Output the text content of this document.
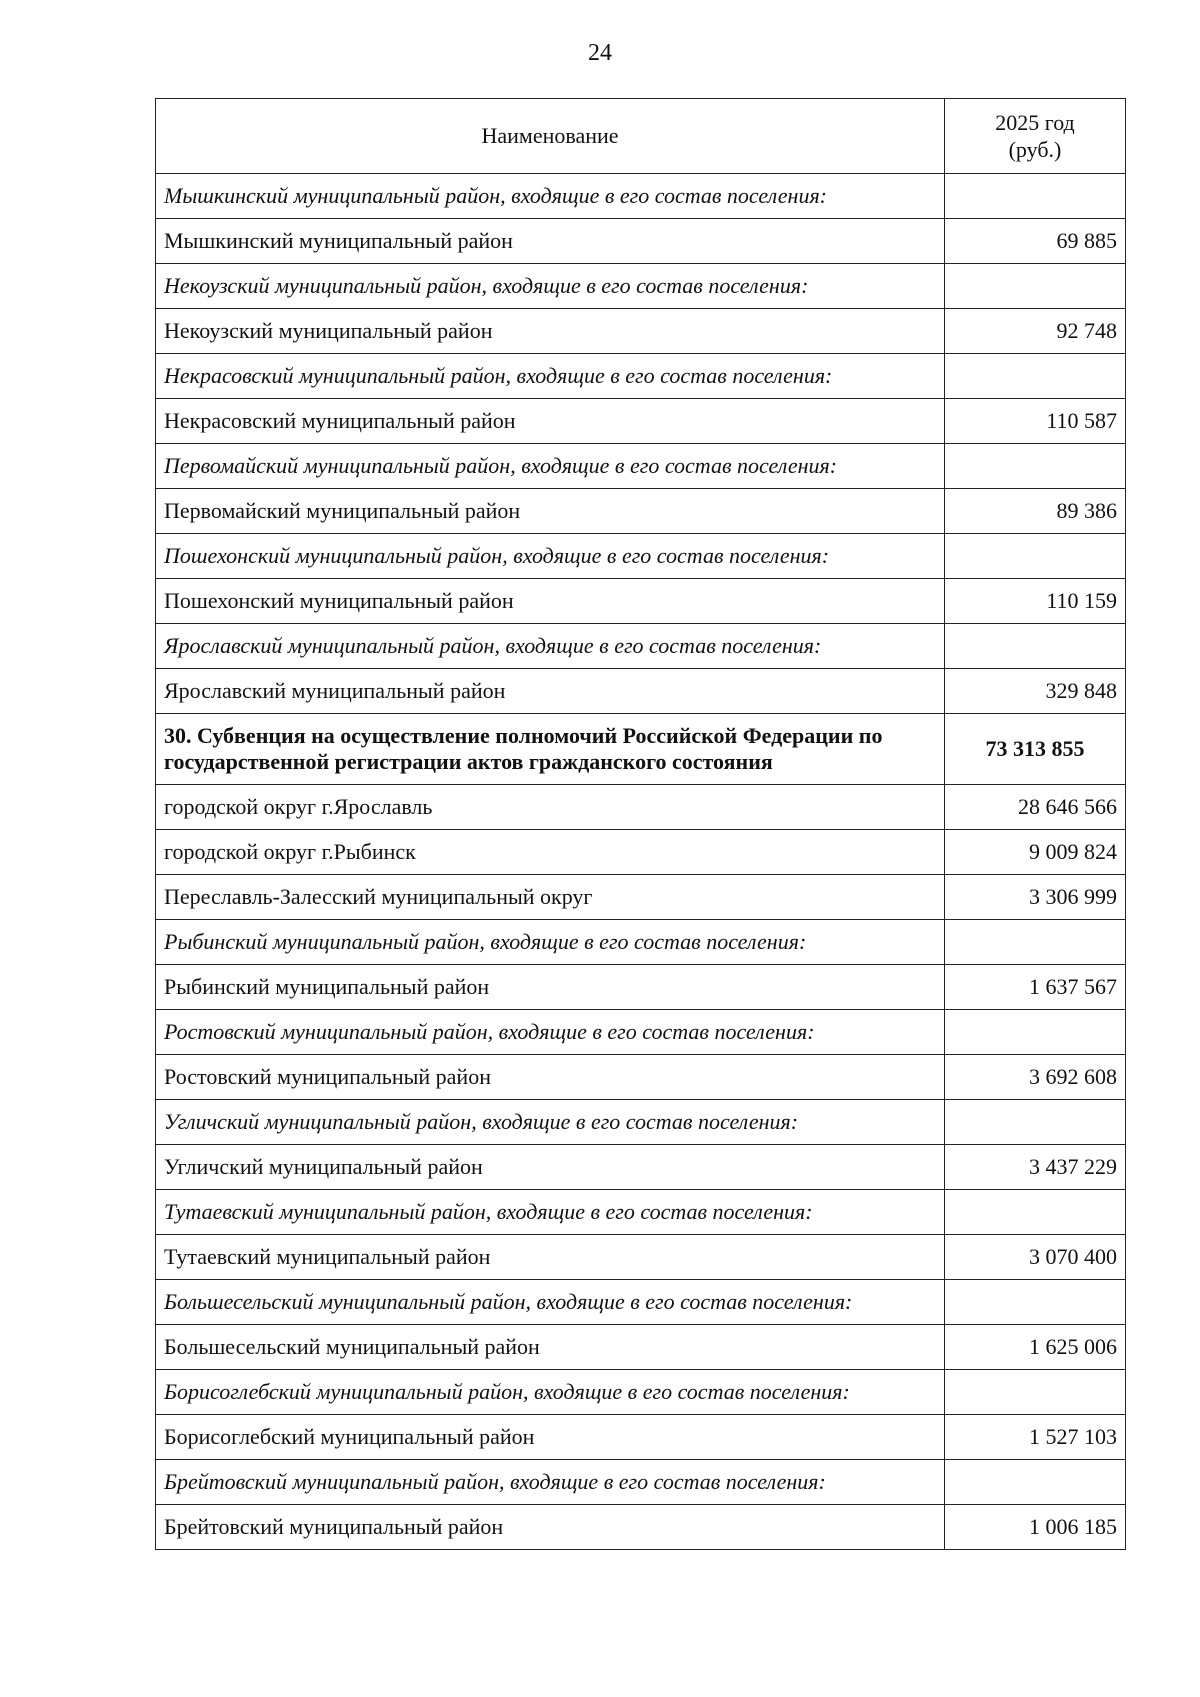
24
Наименование	2025 год
(руб.)
Мышкинский муниципальный район, входящие в его состав поселения:	
Мышкинский муниципальный район	69 885
Некоузский муниципальный район, входящие в его состав поселения:	
Некоузский муниципальный район	92 748
Некрасовский муниципальный район, входящие в его состав поселения:	
Некрасовский муниципальный район	110 587
Первомайский муниципальный район, входящие в его состав поселения:	
Первомайский муниципальный район	89 386
Пошехонский муниципальный район, входящие в его состав поселения:	
Пошехонский муниципальный район	110 159
Ярославский муниципальный район, входящие в его состав поселения:	
Ярославский муниципальный район	329 848
30. Субвенция на осуществление полномочий Российской Федерации по государственной регистрации актов гражданского состояния	73 313 855
городской округ г.Ярославль	28 646 566
городской округ г.Рыбинск	9 009 824
Переславль-Залесский муниципальный округ	3 306 999
Рыбинский муниципальный район, входящие в его состав поселения:	
Рыбинский муниципальный район	1 637 567
Ростовский муниципальный район, входящие в его состав поселения:	
Ростовский муниципальный район	3 692 608
Угличский муниципальный район, входящие в его состав поселения:	
Угличский муниципальный район	3 437 229
Тутаевский муниципальный район, входящие в его состав поселения:	
Тутаевский муниципальный район	3 070 400
Большесельский муниципальный район, входящие в его состав поселения:	
Большесельский муниципальный район	1 625 006
Борисоглебский муниципальный район, входящие в его состав поселения:	
Борисоглебский муниципальный район	1 527 103
Брейтовский муниципальный район, входящие в его состав поселения:	
Брейтовский муниципальный район	1 006 185
